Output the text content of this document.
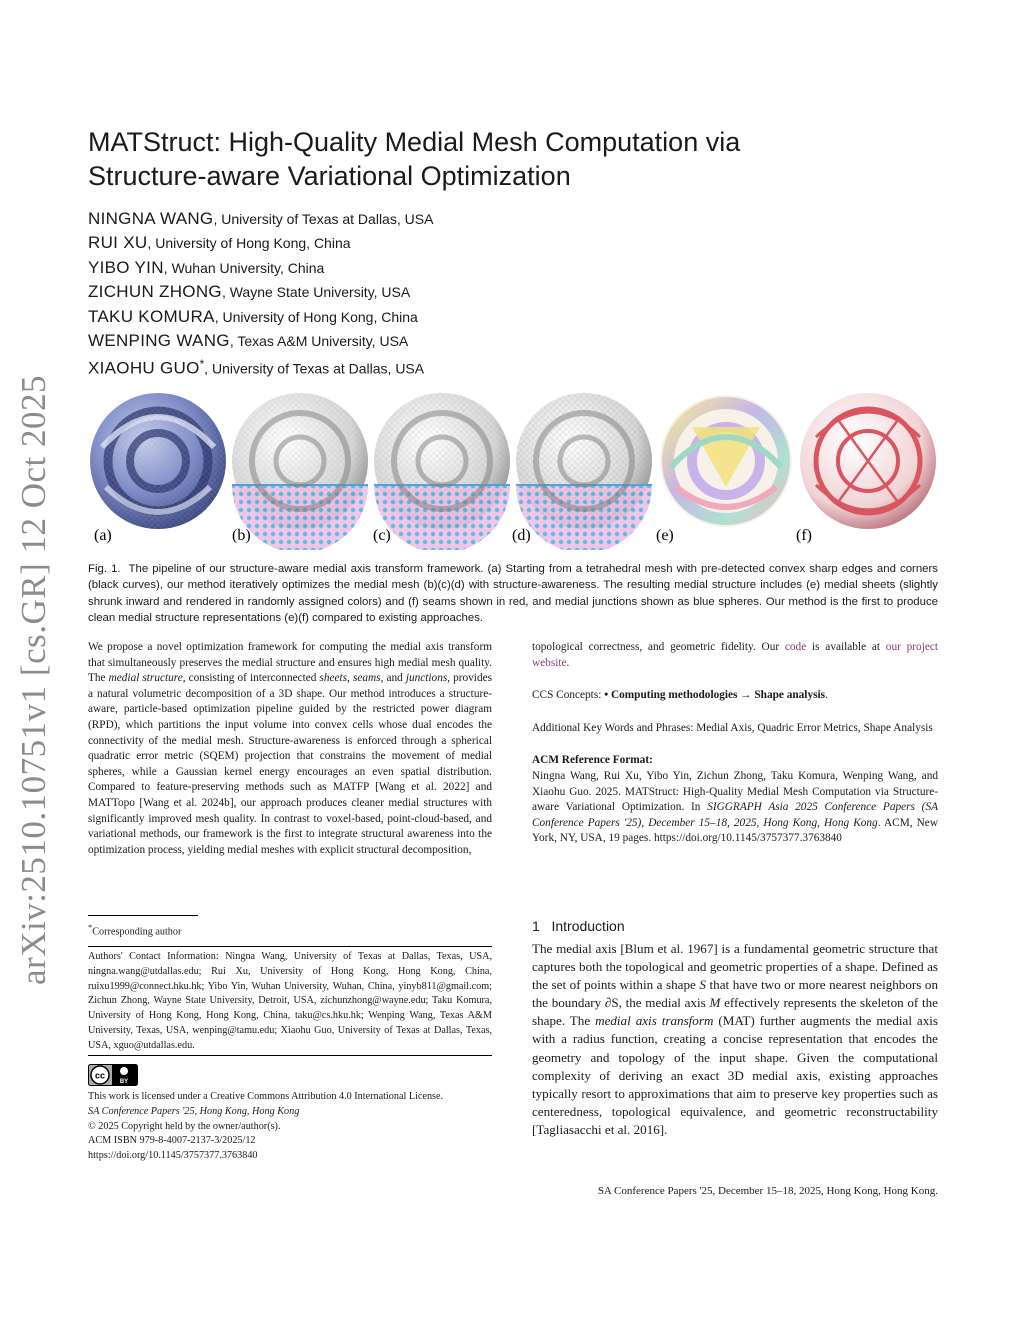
arXiv:2510.10751v1 [cs.GR] 12 Oct 2025
MATStruct: High-Quality Medial Mesh Computation via
Structure-aware Variational Optimization
NINGNA WANG, University of Texas at Dallas, USA
RUI XU, University of Hong Kong, China
YIBO YIN, Wuhan University, China
ZICHUN ZHONG, Wayne State University, USA
TAKU KOMURA, University of Hong Kong, China
WENPING WANG, Texas A&M University, USA
XIAOHU GUO*, University of Texas at Dallas, USA
(a)	(b)	(c)	(d)	(e)	(f)
Fig. 1. The pipeline of our structure-aware medial axis transform framework. (a) Starting from a tetrahedral mesh with pre-detected convex sharp edges and corners (black curves), our method iteratively optimizes the medial mesh (b)(c)(d) with structure-awareness. The resulting medial structure includes (e) medial sheets (slightly shrunk inward and rendered in randomly assigned colors) and (f) seams shown in red, and medial junctions shown as blue spheres. Our method is the first to produce clean medial structure representations (e)(f) compared to existing approaches.

We propose a novel optimization framework for computing the medial axis transform that simultaneously preserves the medial structure and ensures high medial mesh quality. The medial structure, consisting of interconnected sheets, seams, and junctions, provides a natural volumetric decomposition of a 3D shape. Our method introduces a structure-aware, particle-based optimization pipeline guided by the restricted power diagram (RPD), which partitions the input volume into convex cells whose dual encodes the connectivity of the medial mesh. Structure-awareness is enforced through a spherical quadratic error metric (SQEM) projection that constrains the movement of medial spheres, while a Gaussian kernel energy encourages an even spatial distribution. Compared to feature-preserving methods such as MATFP [Wang et al. 2022] and MATTopo [Wang et al. 2024b], our approach produces cleaner medial structures with significantly improved mesh quality. In contrast to voxel-based, point-cloud-based, and variational methods, our framework is the first to integrate structural awareness into the optimization process, yielding medial meshes with explicit structural decomposition,

*Corresponding author
Authors' Contact Information: Ningna Wang, University of Texas at Dallas, Texas, USA, ningna.wang@utdallas.edu; Rui Xu, University of Hong Kong, Hong Kong, China, ruixu1999@connect.hku.hk; Yibo Yin, Wuhan University, Wuhan, China, yinyb811@gmail.com; Zichun Zhong, Wayne State University, Detroit, USA, zichunzhong@wayne.edu; Taku Komura, University of Hong Kong, Hong Kong, China, taku@cs.hku.hk; Wenping Wang, Texas A&M University, Texas, USA, wenping@tamu.edu; Xiaohu Guo, University of Texas at Dallas, Texas, USA, xguo@utdallas.edu.
cc
BY
This work is licensed under a Creative Commons Attribution 4.0 International License.
SA Conference Papers '25, Hong Kong, Hong Kong
© 2025 Copyright held by the owner/author(s).
ACM ISBN 979-8-4007-2137-3/2025/12
https://doi.org/10.1145/3757377.3763840

topological correctness, and geometric fidelity. Our code is available at our project website.

CCS Concepts: • Computing methodologies → Shape analysis.

Additional Key Words and Phrases: Medial Axis, Quadric Error Metrics, Shape Analysis

ACM Reference Format:

Ningna Wang, Rui Xu, Yibo Yin, Zichun Zhong, Taku Komura, Wenping Wang, and Xiaohu Guo. 2025. MATStruct: High-Quality Medial Mesh Computation via Structure-aware Variational Optimization. In SIGGRAPH Asia 2025 Conference Papers (SA Conference Papers '25), December 15–18, 2025, Hong Kong, Hong Kong. ACM, New York, NY, USA, 19 pages. https://doi.org/10.1145/3757377.3763840

1 Introduction
The medial axis [Blum et al. 1967] is a fundamental geometric structure that captures both the topological and geometric properties of a shape. Defined as the set of points within a shape S that have two or more nearest neighbors on the boundary ∂S, the medial axis M effectively represents the skeleton of the shape. The medial axis transform (MAT) further augments the medial axis with a radius function, creating a concise representation that encodes the geometry and topology of the input shape. Given the computational complexity of deriving an exact 3D medial axis, existing approaches typically resort to approximations that aim to preserve key properties such as centeredness, topological equivalence, and geometric reconstructability [Tagliasacchi et al. 2016].
SA Conference Papers '25, December 15–18, 2025, Hong Kong, Hong Kong.
